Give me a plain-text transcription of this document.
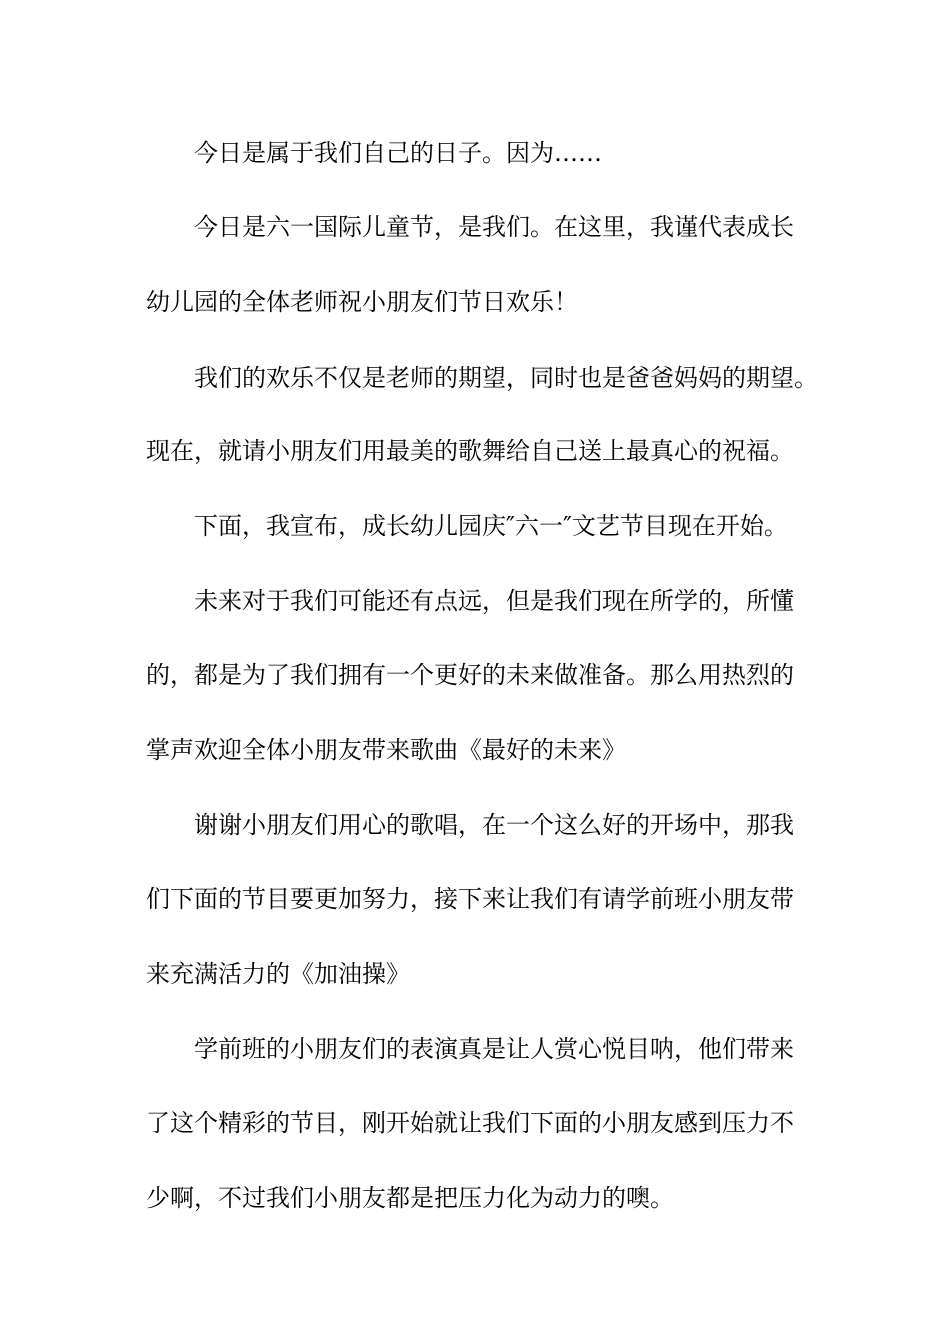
今日是属于我们自己的日子。因为……

今日是六一国际儿童节，是我们。在这里，我谨代表成长

幼儿园的全体老师祝小朋友们节日欢乐！

我们的欢乐不仅是老师的期望，同时也是爸爸妈妈的期望。

现在，就请小朋友们用最美的歌舞给自己送上最真心的祝福。

下面，我宣布，成长幼儿园庆″六一″文艺节目现在开始。

未来对于我们可能还有点远，但是我们现在所学的，所懂

的，都是为了我们拥有一个更好的未来做准备。那么用热烈的

掌声欢迎全体小朋友带来歌曲《最好的未来》

谢谢小朋友们用心的歌唱，在一个这么好的开场中，那我

们下面的节目要更加努力，接下来让我们有请学前班小朋友带

来充满活力的《加油操》

学前班的小朋友们的表演真是让人赏心悦目呐，他们带来

了这个精彩的节目，刚开始就让我们下面的小朋友感到压力不

少啊，不过我们小朋友都是把压力化为动力的噢。
